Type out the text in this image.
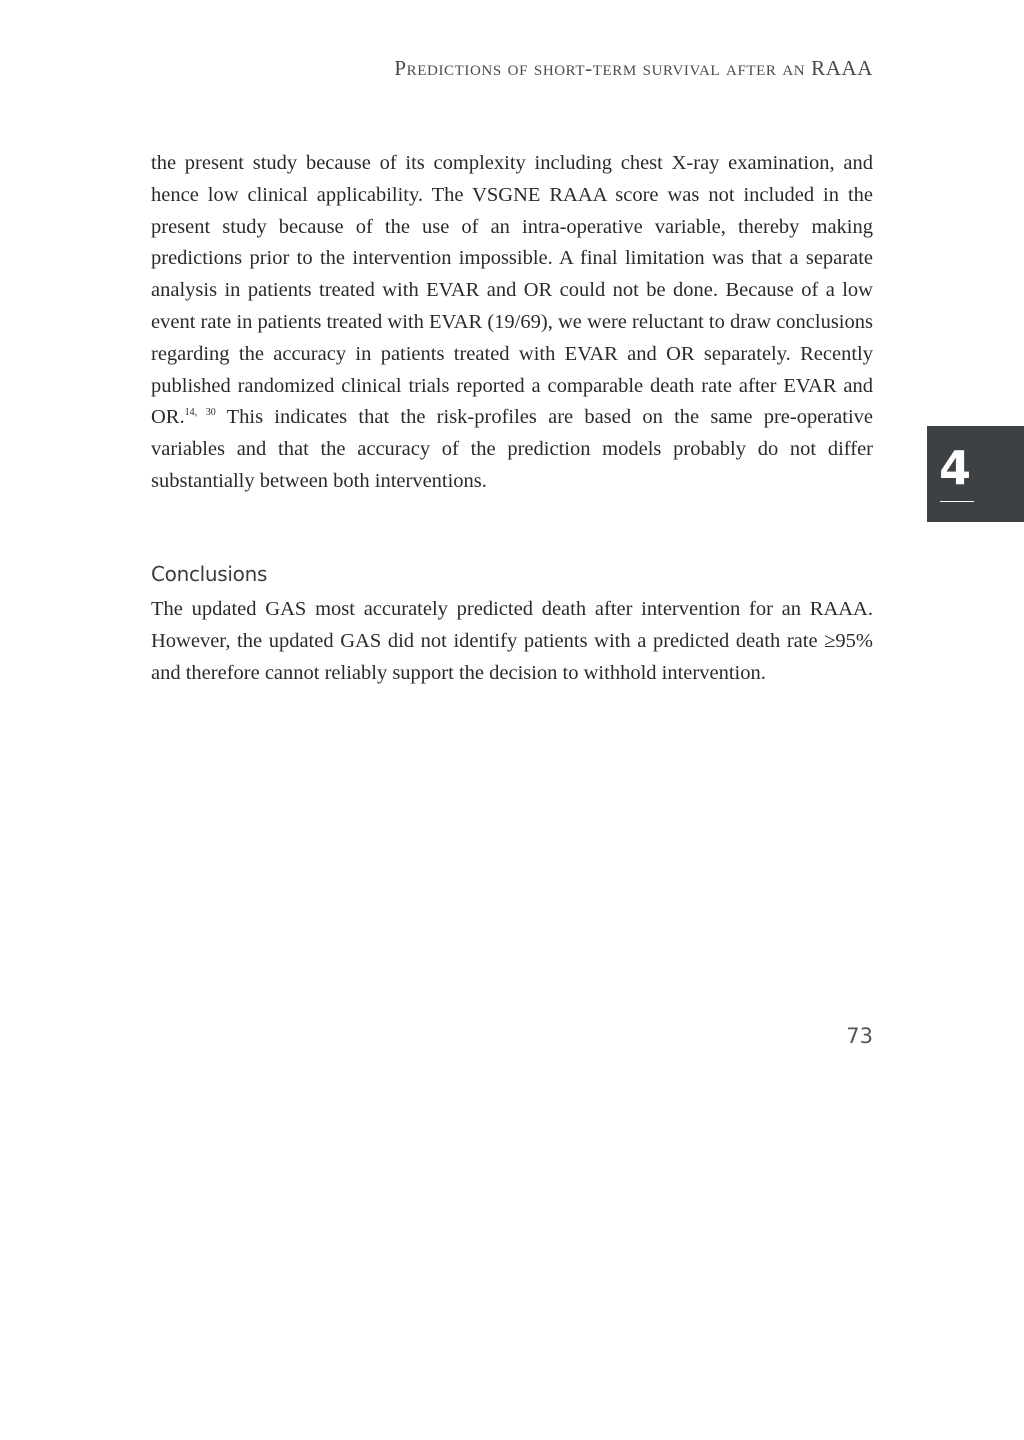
Predictions of short-term survival after an RAAA

the present study because of its complexity including chest X-ray examination, and hence low clinical applicability. The VSGNE RAAA score was not included in the present study because of the use of an intra-operative variable, thereby making predictions prior to the intervention impossible. A final limitation was that a separate analysis in patients treated with EVAR and OR could not be done. Because of a low event rate in patients treated with EVAR (19/69), we were reluctant to draw conclusions regarding the accuracy in patients treated with EVAR and OR separately. Recently published randomized clinical trials reported a comparable death rate after EVAR and OR.$^{14, 30}$ This indicates that the risk-profiles are based on the same pre-operative variables and that the accuracy of the prediction models probably do not differ substantially between both interventions.

Conclusions

The updated GAS most accurately predicted death after intervention for an RAAA. However, the updated GAS did not identify patients with a predicted death rate ≥95% and therefore cannot reliably support the decision to withhold intervention.

4
73
